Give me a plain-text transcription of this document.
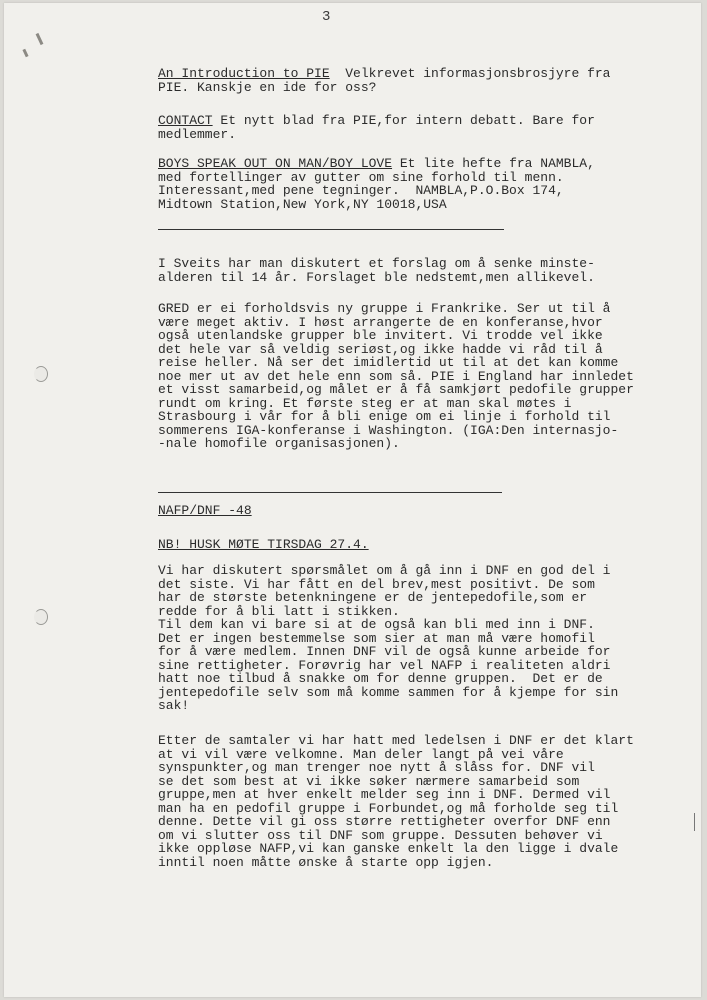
3
An Introduction to PIE  Velkrevet informasjonsbrosjyre fra
PIE. Kanskje en ide for oss?
CONTACT Et nytt blad fra PIE,for intern debatt. Bare for
medlemmer.
BOYS SPEAK OUT ON MAN/BOY LOVE Et lite hefte fra NAMBLA,
med fortellinger av gutter om sine forhold til menn.
Interessant,med pene tegninger.  NAMBLA,P.O.Box 174,
Midtown Station,New York,NY 10018,USA
I Sveits har man diskutert et forslag om å senke minste-
alderen til 14 år. Forslaget ble nedstemt,men allikevel.
GRED er ei forholdsvis ny gruppe i Frankrike. Ser ut til å
være meget aktiv. I høst arrangerte de en konferanse,hvor
også utenlandske grupper ble invitert. Vi trodde vel ikke
det hele var så veldig seriøst,og ikke hadde vi råd til å
reise heller. Nå ser det imidlertid ut til at det kan komme
noe mer ut av det hele enn som så. PIE i England har innledet
et visst samarbeid,og målet er å få samkjørt pedofile grupper
rundt om kring. Et første steg er at man skal møtes i
Strasbourg i vår for å bli enige om ei linje i forhold til
sommerens IGA-konferanse i Washington. (IGA:Den internasjo-
-nale homofile organisasjonen).
NAFP/DNF -48
NB! HUSK MØTE TIRSDAG 27.4.
Vi har diskutert spørsmålet om å gå inn i DNF en god del i
det siste. Vi har fått en del brev,mest positivt. De som
har de største betenkningene er de jentepedofile,som er
redde for å bli latt i stikken.
Til dem kan vi bare si at de også kan bli med inn i DNF.
Det er ingen bestemmelse som sier at man må være homofil
for å være medlem. Innen DNF vil de også kunne arbeide for
sine rettigheter. Forøvrig har vel NAFP i realiteten aldri
hatt noe tilbud å snakke om for denne gruppen.  Det er de
jentepedofile selv som må komme sammen for å kjempe for sin
sak!
Etter de samtaler vi har hatt med ledelsen i DNF er det klart
at vi vil være velkomne. Man deler langt på vei våre
synspunkter,og man trenger noe nytt å slåss for. DNF vil
se det som best at vi ikke søker nærmere samarbeid som
gruppe,men at hver enkelt melder seg inn i DNF. Dermed vil
man ha en pedofil gruppe i Forbundet,og må forholde seg til
denne. Dette vil gi oss større rettigheter overfor DNF enn
om vi slutter oss til DNF som gruppe. Dessuten behøver vi
ikke oppløse NAFP,vi kan ganske enkelt la den ligge i dvale
inntil noen måtte ønske å starte opp igjen.
